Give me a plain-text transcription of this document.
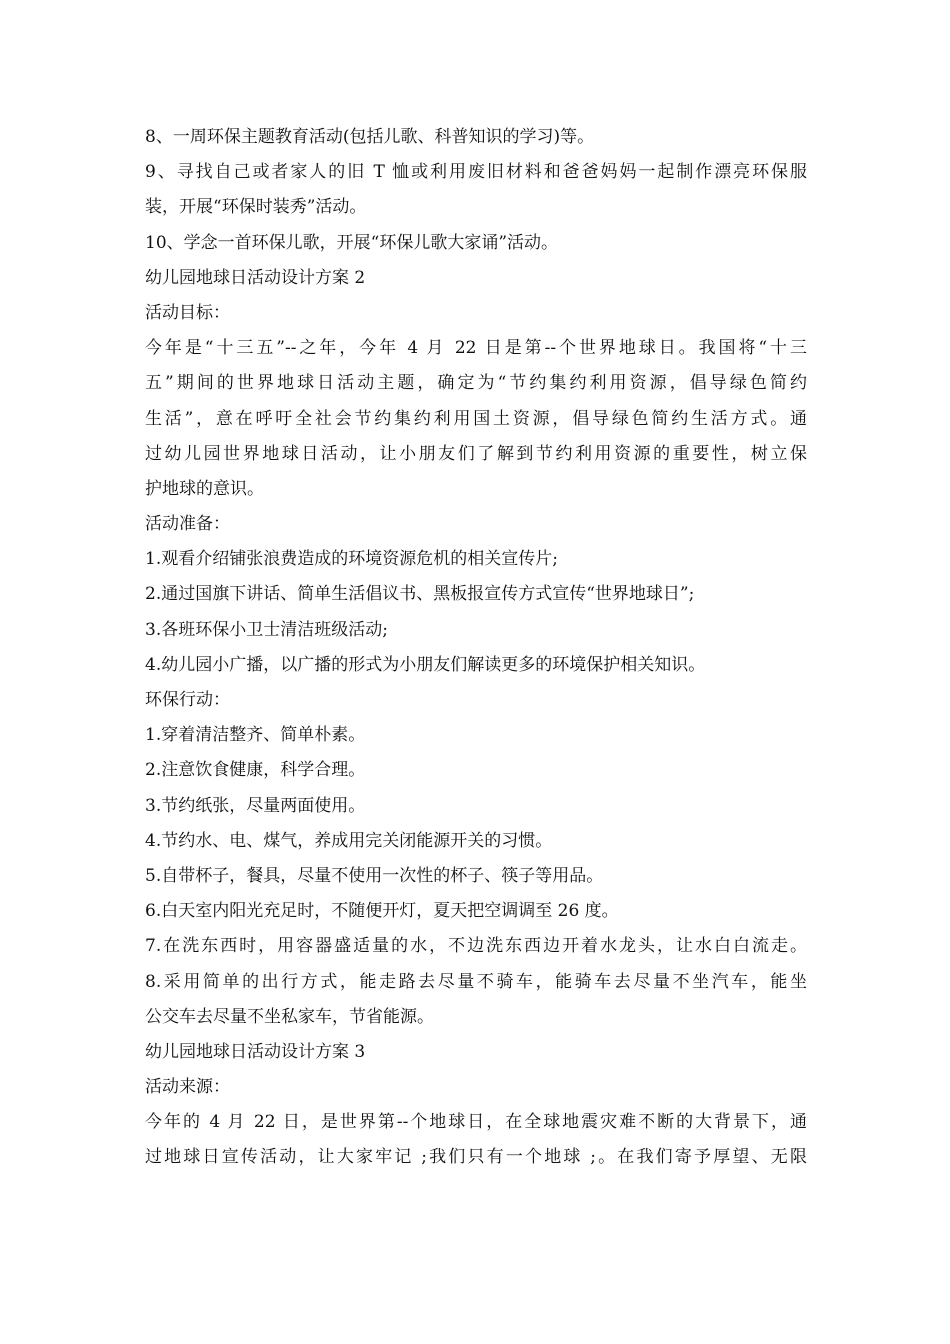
8、一周环保主题教育活动(包括儿歌、科普知识的学习)等。
9、寻找自己或者家人的旧 T 恤或利用废旧材料和爸爸妈妈一起制作漂亮环保服
装，开展“环保时装秀”活动。
10、学念一首环保儿歌，开展“环保儿歌大家诵”活动。
幼儿园地球日活动设计方案 2
活动目标：
今年是“十三五”--之年，今年 4 月 22 日是第--个世界地球日。我国将“十三
五”期间的世界地球日活动主题，确定为“节约集约利用资源，倡导绿色简约
生活”，意在呼吁全社会节约集约利用国土资源，倡导绿色简约生活方式。通
过幼儿园世界地球日活动，让小朋友们了解到节约利用资源的重要性，树立保
护地球的意识。
活动准备：
1.观看介绍铺张浪费造成的环境资源危机的相关宣传片;
2.通过国旗下讲话、简单生活倡议书、黑板报宣传方式宣传“世界地球日”;
3.各班环保小卫士清洁班级活动;
4.幼儿园小广播，以广播的形式为小朋友们解读更多的环境保护相关知识。
环保行动：
1.穿着清洁整齐、简单朴素。
2.注意饮食健康，科学合理。
3.节约纸张，尽量两面使用。
4.节约水、电、煤气，养成用完关闭能源开关的习惯。
5.自带杯子，餐具，尽量不使用一次性的杯子、筷子等用品。
6.白天室内阳光充足时，不随便开灯，夏天把空调调至 26 度。
7.在洗东西时，用容器盛适量的水，不边洗东西边开着水龙头，让水白白流走。
8.采用简单的出行方式，能走路去尽量不骑车，能骑车去尽量不坐汽车，能坐
公交车去尽量不坐私家车，节省能源。
幼儿园地球日活动设计方案 3
活动来源：
今年的 4 月 22 日，是世界第--个地球日，在全球地震灾难不断的大背景下，通
过地球日宣传活动，让大家牢记 ;我们只有一个地球 ;。在我们寄予厚望、无限
